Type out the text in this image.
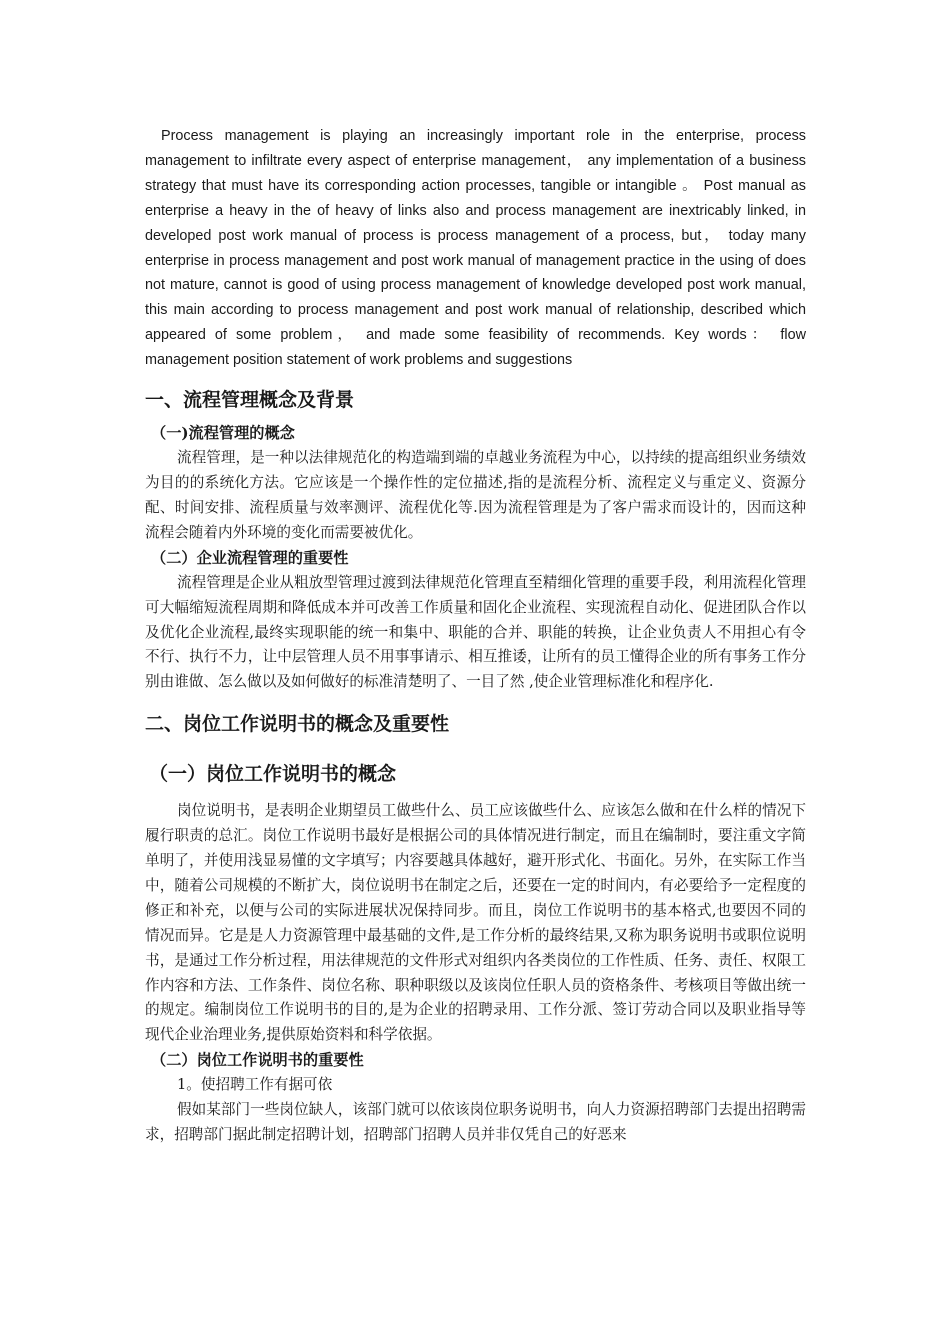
Process management is playing an increasingly important role in the enterprise, process management to infiltrate every aspect of enterprise management， any implementation of a business strategy that must have its corresponding action processes, tangible or intangible 。 Post manual as enterprise a heavy in the of heavy of links also and process management are inextricably linked, in developed post work manual of process is process management of a process, but， today many enterprise in process management and post work manual of management practice in the using of does not mature, cannot is good of using process management of knowledge developed post work manual, this main according to process management and post work manual of relationship, described which appeared of some problem， and made some feasibility of recommends. Key words： flow management position statement of work problems and suggestions

一、流程管理概念及背景
（一)流程管理的概念

流程管理，是一种以法律规范化的构造端到端的卓越业务流程为中心，以持续的提高组织业务绩效为目的的系统化方法。它应该是一个操作性的定位描述,指的是流程分析、流程定义与重定义、资源分配、时间安排、流程质量与效率测评、流程优化等.因为流程管理是为了客户需求而设计的，因而这种流程会随着内外环境的变化而需要被优化。

（二）企业流程管理的重要性

流程管理是企业从粗放型管理过渡到法律规范化管理直至精细化管理的重要手段，利用流程化管理可大幅缩短流程周期和降低成本并可改善工作质量和固化企业流程、实现流程自动化、促进团队合作以及优化企业流程,最终实现职能的统一和集中、职能的合并、职能的转换，让企业负责人不用担心有令不行、执行不力，让中层管理人员不用事事请示、相互推诿，让所有的员工懂得企业的所有事务工作分别由谁做、怎么做以及如何做好的标准清楚明了、一目了然 ,使企业管理标准化和程序化.

二、岗位工作说明书的概念及重要性
（一）岗位工作说明书的概念

岗位说明书，是表明企业期望员工做些什么、员工应该做些什么、应该怎么做和在什么样的情况下履行职责的总汇。岗位工作说明书最好是根据公司的具体情况进行制定，而且在编制时，要注重文字简单明了，并使用浅显易懂的文字填写；内容要越具体越好，避开形式化、书面化。另外，在实际工作当中，随着公司规模的不断扩大，岗位说明书在制定之后，还要在一定的时间内，有必要给予一定程度的修正和补充，以便与公司的实际进展状况保持同步。而且，岗位工作说明书的基本格式,也要因不同的情况而异。它是是人力资源管理中最基础的文件,是工作分析的最终结果,又称为职务说明书或职位说明书，是通过工作分析过程，用法律规范的文件形式对组织内各类岗位的工作性质、任务、责任、权限工作内容和方法、工作条件、岗位名称、职种职级以及该岗位任职人员的资格条件、考核项目等做出统一的规定。编制岗位工作说明书的目的,是为企业的招聘录用、工作分派、签订劳动合同以及职业指导等现代企业治理业务,提供原始资料和科学依据。

（二）岗位工作说明书的重要性

1。使招聘工作有据可依

假如某部门一些岗位缺人，该部门就可以依该岗位职务说明书，向人力资源招聘部门去提出招聘需求，招聘部门据此制定招聘计划，招聘部门招聘人员并非仅凭自己的好恶来
